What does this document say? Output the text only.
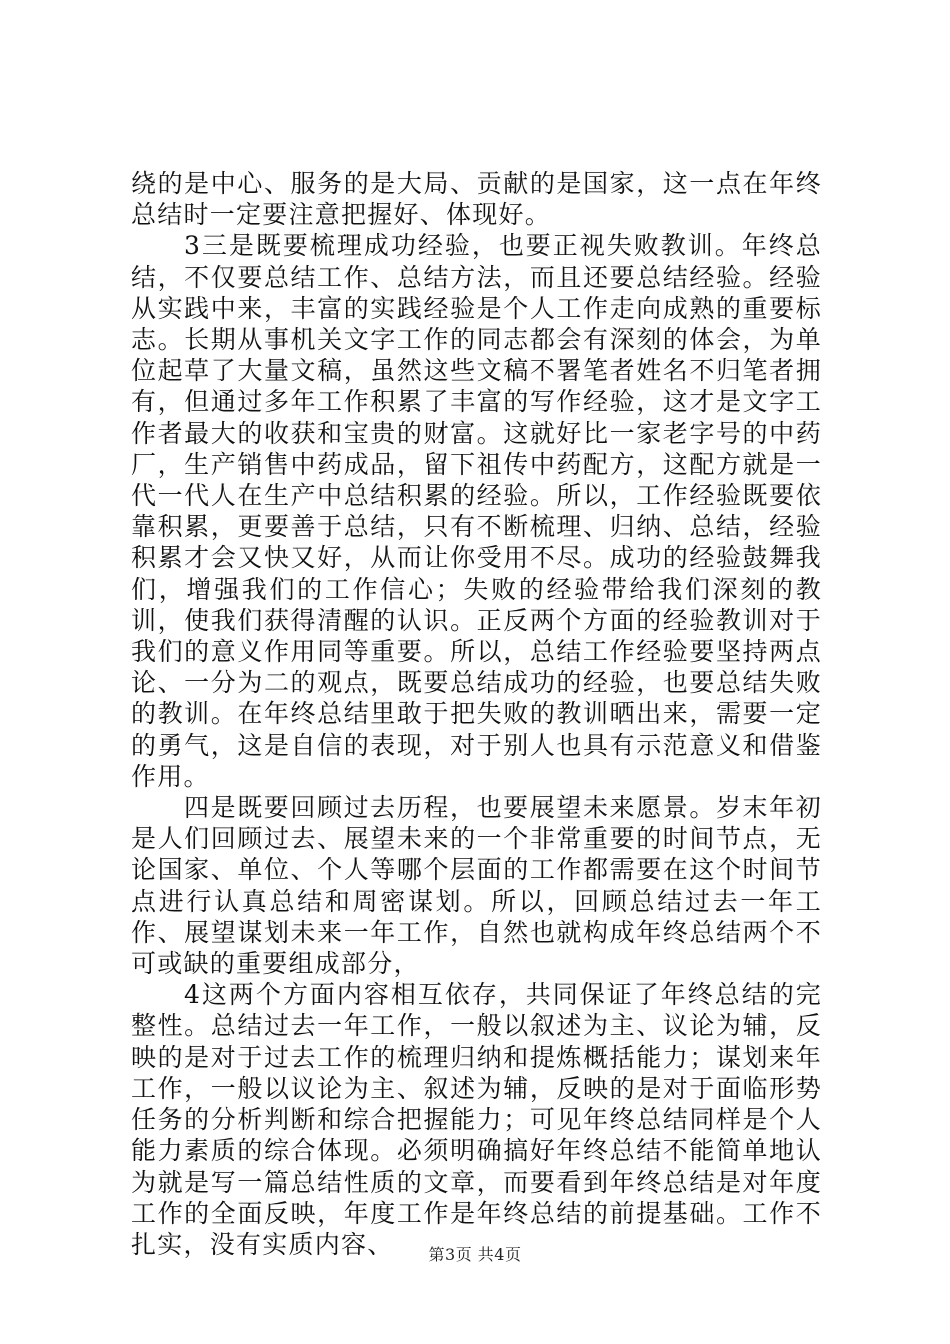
绕的是中心、服务的是大局、贡献的是国家，这一点在年终总结时一定要注意把握好、体现好。

3三是既要梳理成功经验，也要正视失败教训。年终总结，不仅要总结工作、总结方法，而且还要总结经验。经验从实践中来，丰富的实践经验是个人工作走向成熟的重要标志。长期从事机关文字工作的同志都会有深刻的体会，为单位起草了大量文稿，虽然这些文稿不署笔者姓名不归笔者拥有，但通过多年工作积累了丰富的写作经验，这才是文字工作者最大的收获和宝贵的财富。这就好比一家老字号的中药厂，生产销售中药成品，留下祖传中药配方，这配方就是一代一代人在生产中总结积累的经验。所以，工作经验既要依靠积累，更要善于总结，只有不断梳理、归纳、总结，经验积累才会又快又好，从而让你受用不尽。成功的经验鼓舞我们，增强我们的工作信心；失败的经验带给我们深刻的教训，使我们获得清醒的认识。正反两个方面的经验教训对于我们的意义作用同等重要。所以，总结工作经验要坚持两点论、一分为二的观点，既要总结成功的经验，也要总结失败的教训。在年终总结里敢于把失败的教训晒出来，需要一定的勇气，这是自信的表现，对于别人也具有示范意义和借鉴作用。

四是既要回顾过去历程，也要展望未来愿景。岁末年初是人们回顾过去、展望未来的一个非常重要的时间节点，无论国家、单位、个人等哪个层面的工作都需要在这个时间节点进行认真总结和周密谋划。所以，回顾总结过去一年工作、展望谋划未来一年工作，自然也就构成年终总结两个不可或缺的重要组成部分，

4这两个方面内容相互依存，共同保证了年终总结的完整性。总结过去一年工作，一般以叙述为主、议论为辅，反映的是对于过去工作的梳理归纳和提炼概括能力；谋划来年工作，一般以议论为主、叙述为辅，反映的是对于面临形势任务的分析判断和综合把握能力；可见年终总结同样是个人能力素质的综合体现。必须明确搞好年终总结不能简单地认为就是写一篇总结性质的文章，而要看到年终总结是对年度工作的全面反映，年度工作是年终总结的前提基础。工作不扎实，没有实质内容、	第3页 共4页
